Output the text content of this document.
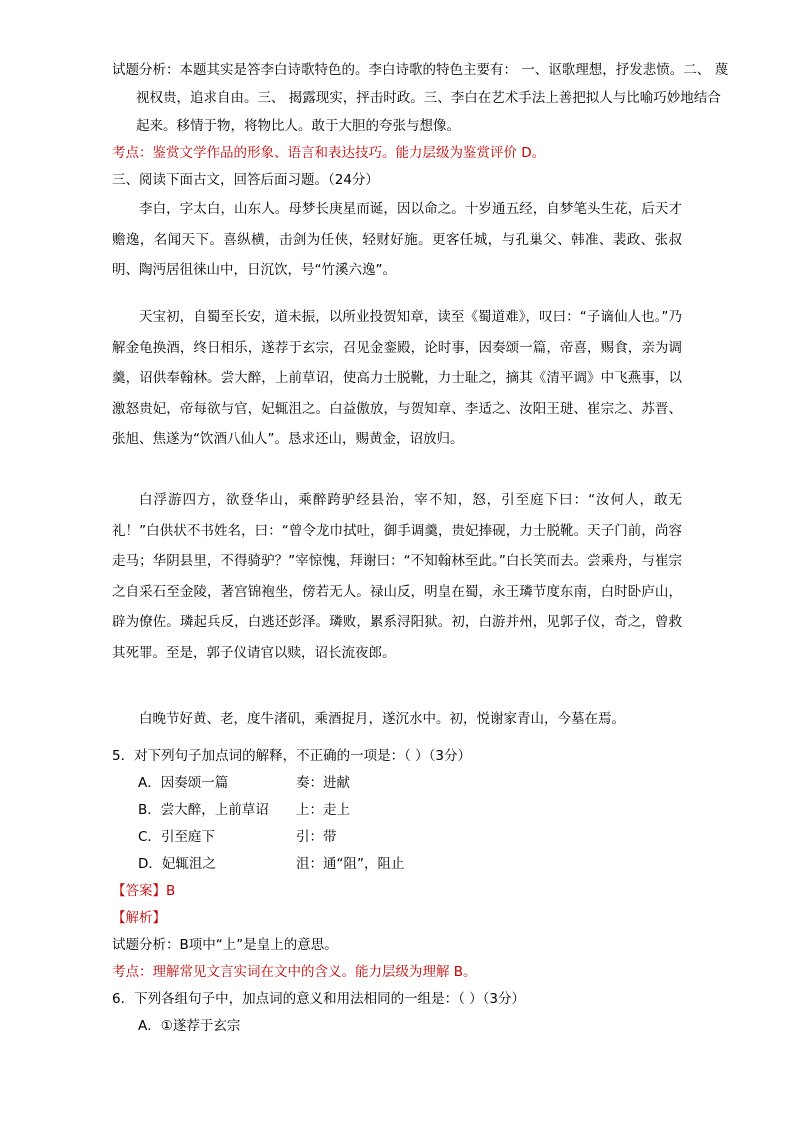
试题分析：本题其实是答李白诗歌特色的。李白诗歌的特色主要有： 一、讴歌理想，抒发悲愤。二、 蔑
视权贵，追求自由。三、 揭露现实，抨击时政。三、李白在艺术手法上善把拟人与比喻巧妙地结合
起来。移情于物，将物比人。敢于大胆的夸张与想像。
考点：鉴赏文学作品的形象、语言和表达技巧。能力层级为鉴赏评价 D。
三、阅读下面古文，回答后面习题。（24分）

李白，字太白，山东人。母梦长庚星而诞，因以命之。十岁通五经，自梦笔头生花，后天才赡逸，名闻天下。喜纵横，击剑为任侠，轻财好施。更客任城，与孔巢父、韩准、裴政、张叔明、陶沔居徂徕山中，日沉饮，号“竹溪六逸”。

天宝初，自蜀至长安，道未振，以所业投贺知章，读至《蜀道难》，叹曰：“子谪仙人也。”乃解金龟换酒，终日相乐，遂荐于玄宗，召见金銮殿，论时事，因奏颂一篇，帝喜，赐食，亲为调羹，诏供奉翰林。尝大醉，上前草诏，使高力士脱靴，力士耻之，摘其《清平调》中飞燕事，以激怒贵妃，帝每欲与官，妃辄沮之。白益傲放，与贺知章、李适之、汝阳王琎、崔宗之、苏晋、张旭、焦遂为“饮酒八仙人”。恳求还山，赐黄金，诏放归。

白浮游四方，欲登华山，乘醉跨驴经县治，宰不知，怒，引至庭下曰：“汝何人，敢无礼！”白供状不书姓名，曰：“曾令龙巾拭吐，御手调羹，贵妃捧砚，力士脱靴。天子门前，尚容走马；华阴县里，不得骑驴？”宰惊愧，拜谢曰：“不知翰林至此。”白长笑而去。尝乘舟，与崔宗之自采石至金陵，著宫锦袍坐，傍若无人。禄山反，明皇在蜀，永王璘节度东南，白时卧庐山，辟为僚佐。璘起兵反，白逃还彭泽。璘败，累系浔阳狱。初，白游并州，见郭子仪，奇之，曾救其死罪。至是，郭子仪请官以赎，诏长流夜郎。

白晚节好黄、老，度牛渚矶，乘酒捉月，遂沉水中。初，悦谢家青山，今墓在焉。

5．对下列句子加点词的解释，不正确的一项是：（ ）（3分）
A．因奏颂一篇	奏：进献
B．尝大醉，上前草诏 上：走上
C．引至庭下	引：带
D．妃辄沮之	沮：通“阻”，阻止
【答案】B
【解析】
试题分析：B项中“上”是皇上的意思。
考点：理解常见文言实词在文中的含义。能力层级为理解 B。
6．下列各组句子中，加点词的意义和用法相同的一组是：（ ）（3分）
A．①遂荐于玄宗
